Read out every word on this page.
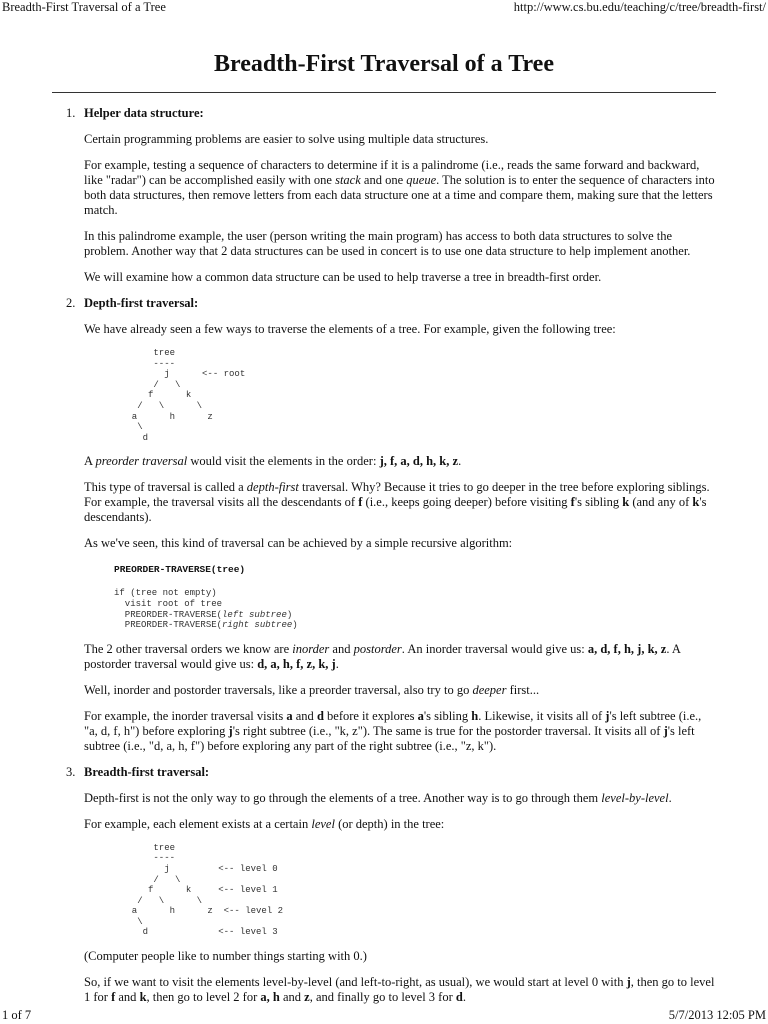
Breadth-First Traversal of a Tree	http://www.cs.bu.edu/teaching/c/tree/breadth-first/
Breadth-First Traversal of a Tree
1. Helper data structure:

Certain programming problems are easier to solve using multiple data structures.

For example, testing a sequence of characters to determine if it is a palindrome (i.e., reads the same forward and backward, like "radar") can be accomplished easily with one stack and one queue. The solution is to enter the sequence of characters into both data structures, then remove letters from each data structure one at a time and compare them, making sure that the letters match.

In this palindrome example, the user (person writing the main program) has access to both data structures to solve the problem. Another way that 2 data structures can be used in concert is to use one data structure to help implement another.

We will examine how a common data structure can be used to help traverse a tree in breadth-first order.

2. Depth-first traversal:

We have already seen a few ways to traverse the elements of a tree. For example, given the following tree:

tree
----
j      <-- root
/   \
f      k
/   \      \
a      h      z
\
d

A preorder traversal would visit the elements in the order: j, f, a, d, h, k, z.

This type of traversal is called a depth-first traversal. Why? Because it tries to go deeper in the tree before exploring siblings. For example, the traversal visits all the descendants of f (i.e., keeps going deeper) before visiting f's sibling k (and any of k's descendants).

As we've seen, this kind of traversal can be achieved by a simple recursive algorithm:

PREORDER-TRAVERSE(tree)
if (tree not empty)
visit root of tree
PREORDER-TRAVERSE(left subtree)
PREORDER-TRAVERSE(right subtree)

The 2 other traversal orders we know are inorder and postorder. An inorder traversal would give us: a, d, f, h, j, k, z. A postorder traversal would give us: d, a, h, f, z, k, j.

Well, inorder and postorder traversals, like a preorder traversal, also try to go deeper first...

For example, the inorder traversal visits a and d before it explores a's sibling h. Likewise, it visits all of j's left subtree (i.e., "a, d, f, h") before exploring j's right subtree (i.e., "k, z"). The same is true for the postorder traversal. It visits all of j's left subtree (i.e., "d, a, h, f") before exploring any part of the right subtree (i.e., "z, k").

3. Breadth-first traversal:

Depth-first is not the only way to go through the elements of a tree. Another way is to go through them level-by-level.

For example, each element exists at a certain level (or depth) in the tree:

tree
----
j         <-- level 0
/   \
f      k     <-- level 1
/   \      \
a      h      z  <-- level 2
\
d             <-- level 3

(Computer people like to number things starting with 0.)

So, if we want to visit the elements level-by-level (and left-to-right, as usual), we would start at level 0 with j, then go to level 1 for f and k, then go to level 2 for a, h and z, and finally go to level 3 for d.

1 of 7	5/7/2013 12:05 PM
